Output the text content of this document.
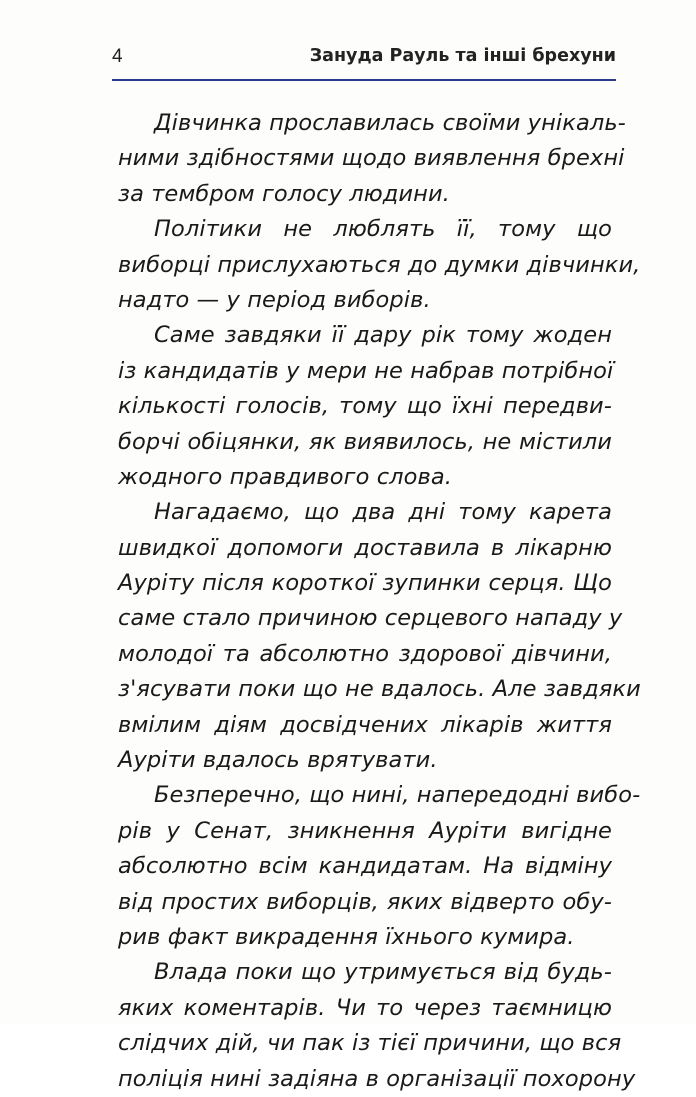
4	Зануда Рауль та інші брехуни
Дівчинка прославилась своїми унікаль-
ними здібностями щодо виявлення брехні
за тембром голосу людини.
Політики не люблять її, тому що
виборці прислухаються до думки дівчинки,
надто — у період виборів.
Саме завдяки її дару рік тому жоден
із кандидатів у мери не набрав потрібної
кількості голосів, тому що їхні передви-
борчі обіцянки, як виявилось, не містили
жодного правдивого слова.
Нагадаємо, що два дні тому карета
швидкої допомоги доставила в лікарню
Ауріту після короткої зупинки серця. Що
саме стало причиною серцевого нападу у
молодої та абсолютно здорової дівчини,
з'ясувати поки що не вдалось. Але завдяки
вмілим діям досвідчених лікарів життя
Ауріти вдалось врятувати.
Безперечно, що нині, напередодні вибо-
рів у Сенат, зникнення Ауріти вигідне
абсолютно всім кандидатам. На відміну
від простих виборців, яких відверто обу-
рив факт викрадення їхнього кумира.
Влада поки що утримується від будь-
яких коментарів. Чи то через таємницю
слідчих дій, чи пак із тієї причини, що вся
поліція нині задіяна в організації похорону
